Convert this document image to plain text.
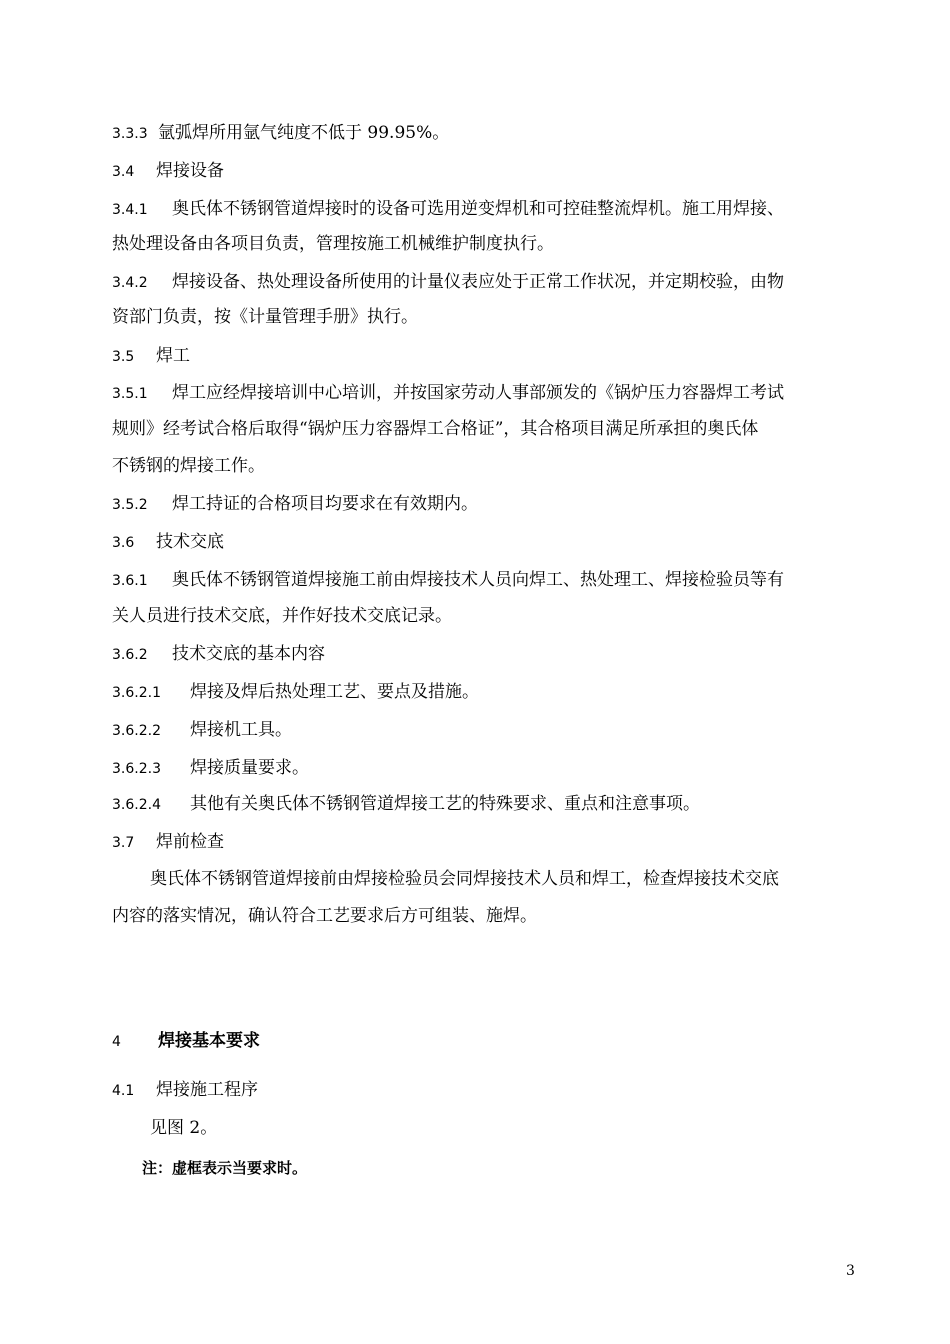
3.3.3 氩弧焊所用氩气纯度不低于 99.95%。
3.4 焊接设备
3.4.1 奥氏体不锈钢管道焊接时的设备可选用逆变焊机和可控硅整流焊机。施工用焊接、
热处理设备由各项目负责，管理按施工机械维护制度执行。
3.4.2 焊接设备、热处理设备所使用的计量仪表应处于正常工作状况，并定期校验，由物
资部门负责，按《计量管理手册》执行。
3.5 焊工
3.5.1 焊工应经焊接培训中心培训，并按国家劳动人事部颁发的《锅炉压力容器焊工考试
规则》经考试合格后取得“锅炉压力容器焊工合格证”，其合格项目满足所承担的奥氏体
不锈钢的焊接工作。
3.5.2 焊工持证的合格项目均要求在有效期内。
3.6 技术交底
3.6.1 奥氏体不锈钢管道焊接施工前由焊接技术人员向焊工、热处理工、焊接检验员等有
关人员进行技术交底，并作好技术交底记录。
3.6.2 技术交底的基本内容
3.6.2.1 焊接及焊后热处理工艺、要点及措施。
3.6.2.2 焊接机工具。
3.6.2.3 焊接质量要求。
3.6.2.4 其他有关奥氏体不锈钢管道焊接工艺的特殊要求、重点和注意事项。
3.7 焊前检查
奥氏体不锈钢管道焊接前由焊接检验员会同焊接技术人员和焊工，检查焊接技术交底
内容的落实情况，确认符合工艺要求后方可组装、施焊。
4 焊接基本要求
4.1 焊接施工程序
见图 2。
注：虚框表示当要求时。
3
